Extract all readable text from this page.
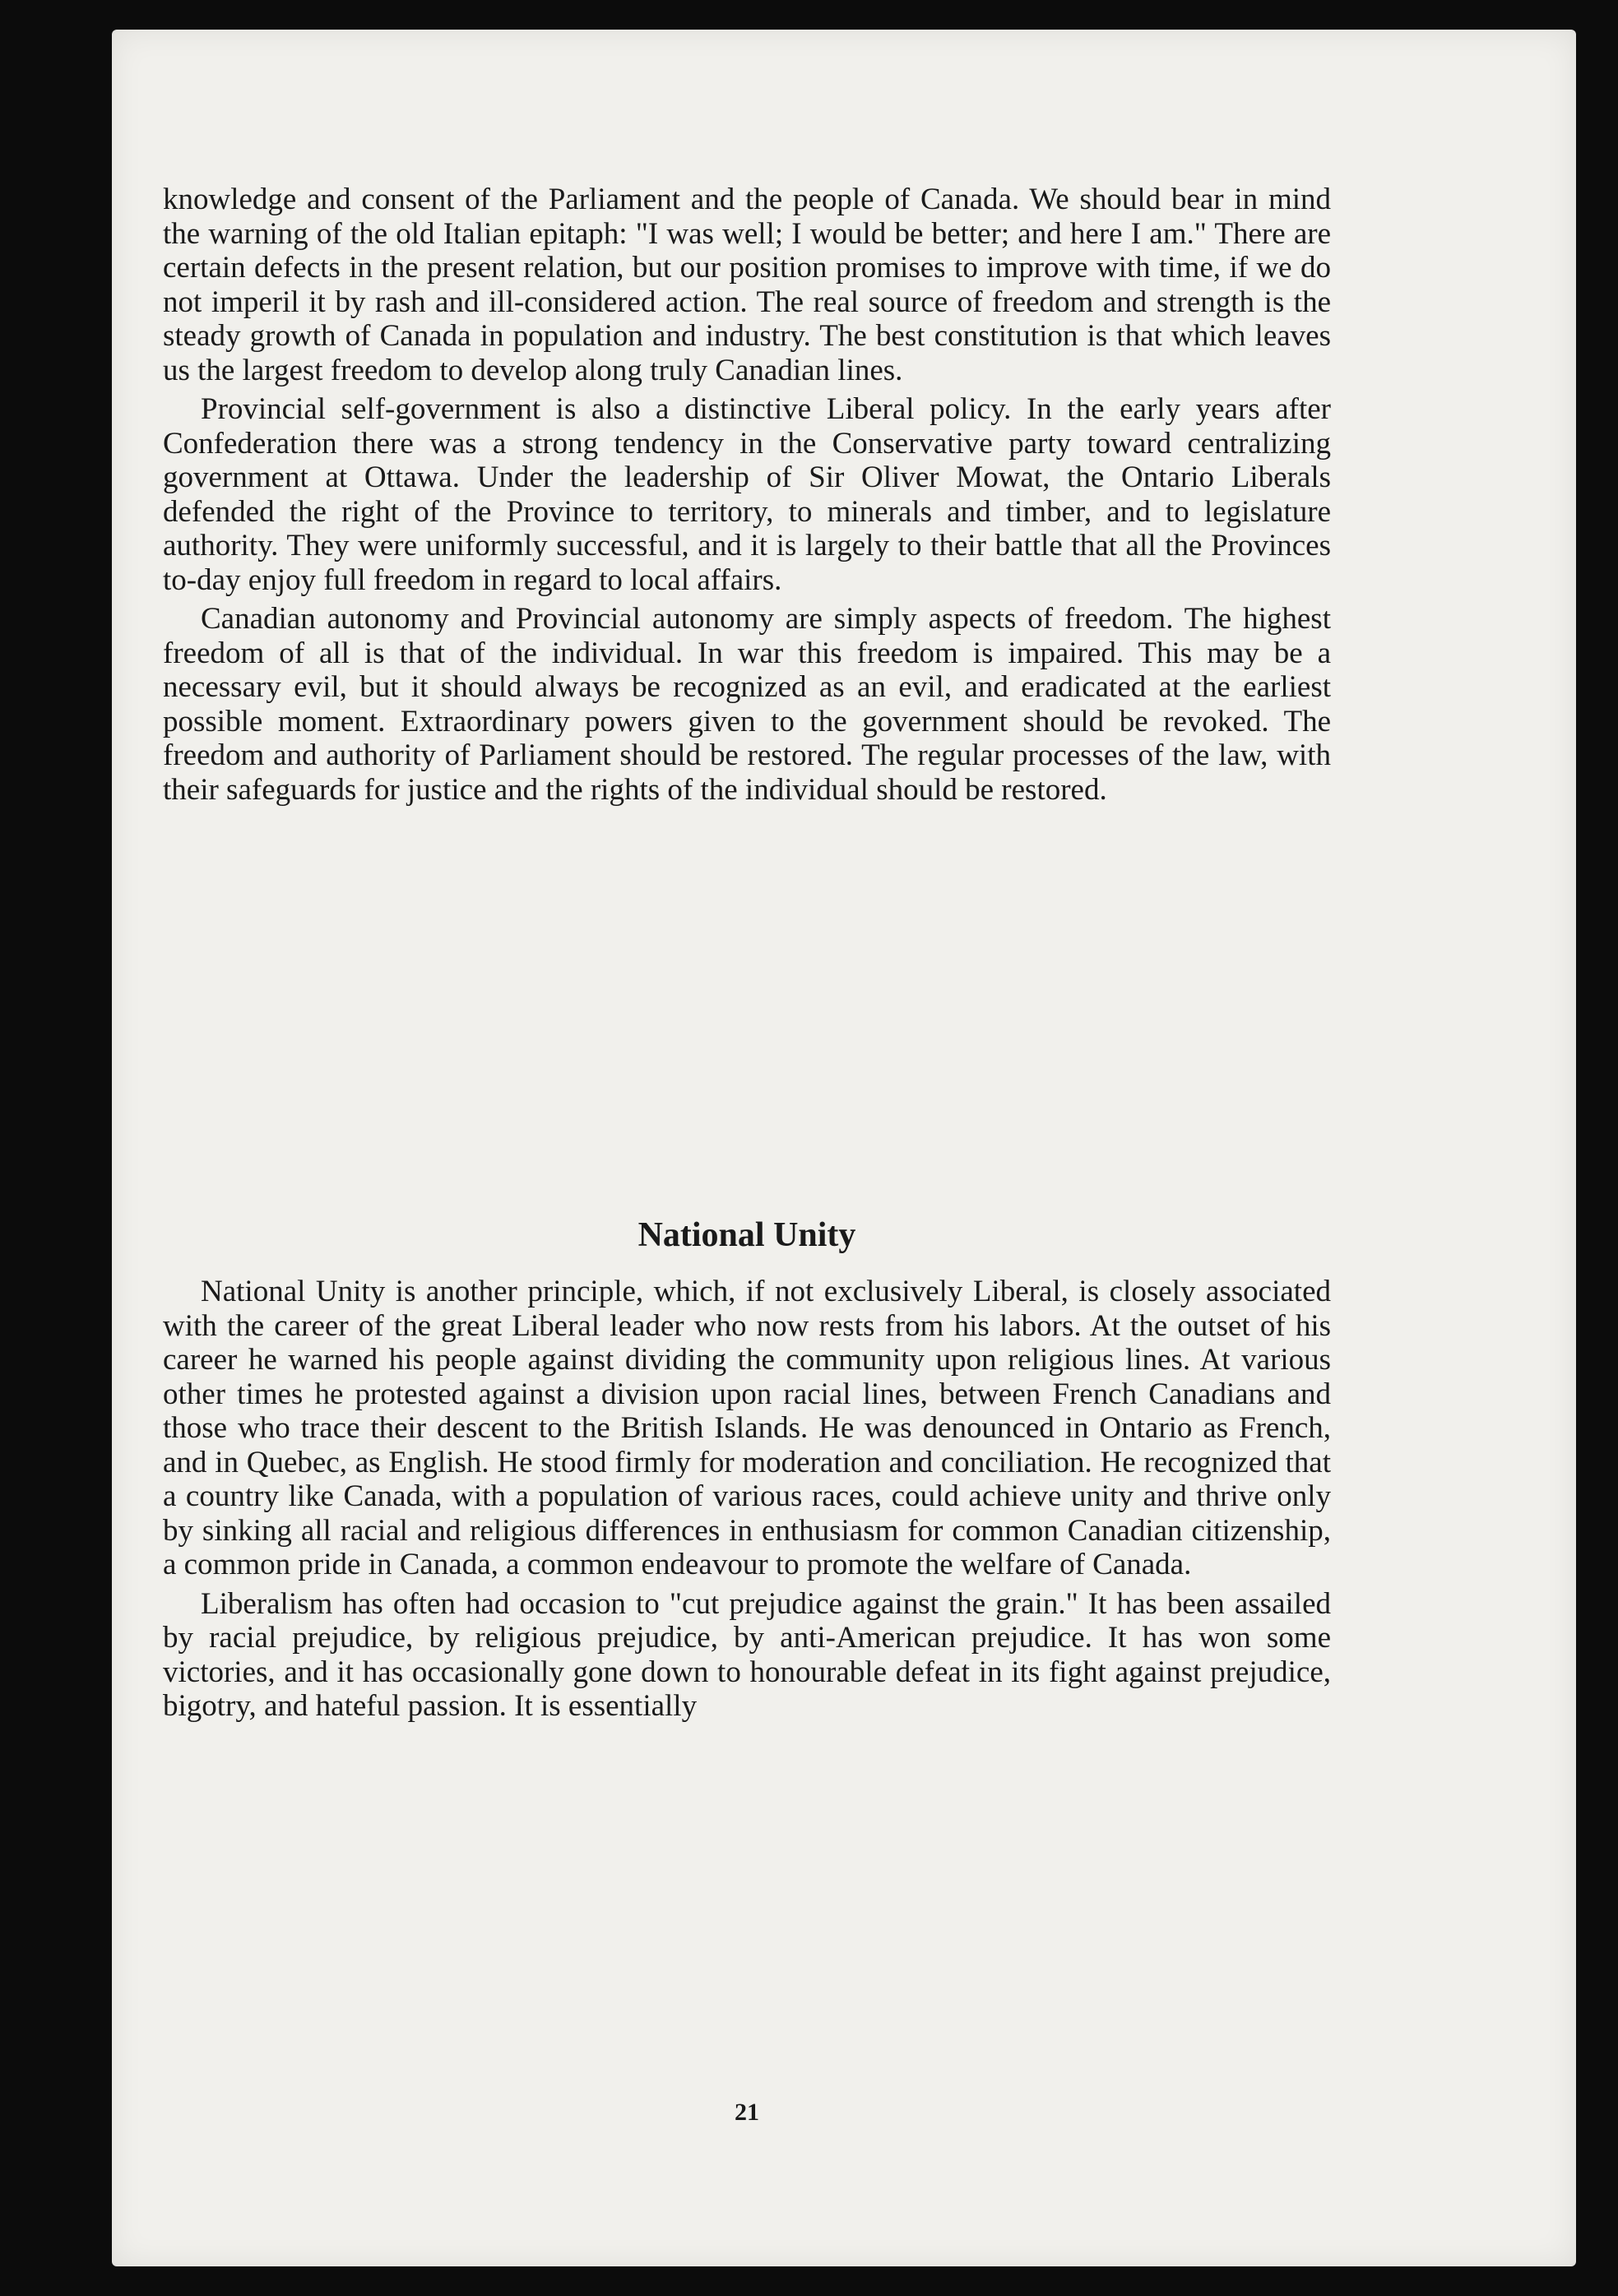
knowledge and consent of the Parliament and the people of Canada. We should bear in mind the warning of the old Italian epitaph: "I was well; I would be better; and here I am." There are certain defects in the present relation, but our position promises to improve with time, if we do not imperil it by rash and ill-considered action. The real source of freedom and strength is the steady growth of Canada in population and industry. The best constitution is that which leaves us the largest freedom to develop along truly Canadian lines.

Provincial self-government is also a distinctive Liberal policy. In the early years after Confederation there was a strong tendency in the Conservative party toward centralizing government at Ottawa. Under the leadership of Sir Oliver Mowat, the Ontario Liberals defended the right of the Province to territory, to minerals and timber, and to legislature authority. They were uniformly successful, and it is largely to their battle that all the Provinces to-day enjoy full freedom in regard to local affairs.

Canadian autonomy and Provincial autonomy are simply aspects of freedom. The highest freedom of all is that of the individual. In war this freedom is impaired. This may be a necessary evil, but it should always be recognized as an evil, and eradicated at the earliest possible moment. Extraordinary powers given to the government should be revoked. The freedom and authority of Parliament should be restored. The regular processes of the law, with their safeguards for justice and the rights of the individual should be restored.

National Unity

National Unity is another principle, which, if not exclusively Liberal, is closely associated with the career of the great Liberal leader who now rests from his labors. At the outset of his career he warned his people against dividing the community upon religious lines. At various other times he protested against a division upon racial lines, between French Canadians and those who trace their descent to the British Islands. He was denounced in Ontario as French, and in Quebec, as English. He stood firmly for moderation and conciliation. He recognized that a country like Canada, with a population of various races, could achieve unity and thrive only by sinking all racial and religious differences in enthusiasm for common Canadian citizenship, a common pride in Canada, a common endeavour to promote the welfare of Canada.

Liberalism has often had occasion to "cut prejudice against the grain." It has been assailed by racial prejudice, by religious prejudice, by anti-American prejudice. It has won some victories, and it has occasionally gone down to honourable defeat in its fight against prejudice, bigotry, and hateful passion. It is essentially

21
